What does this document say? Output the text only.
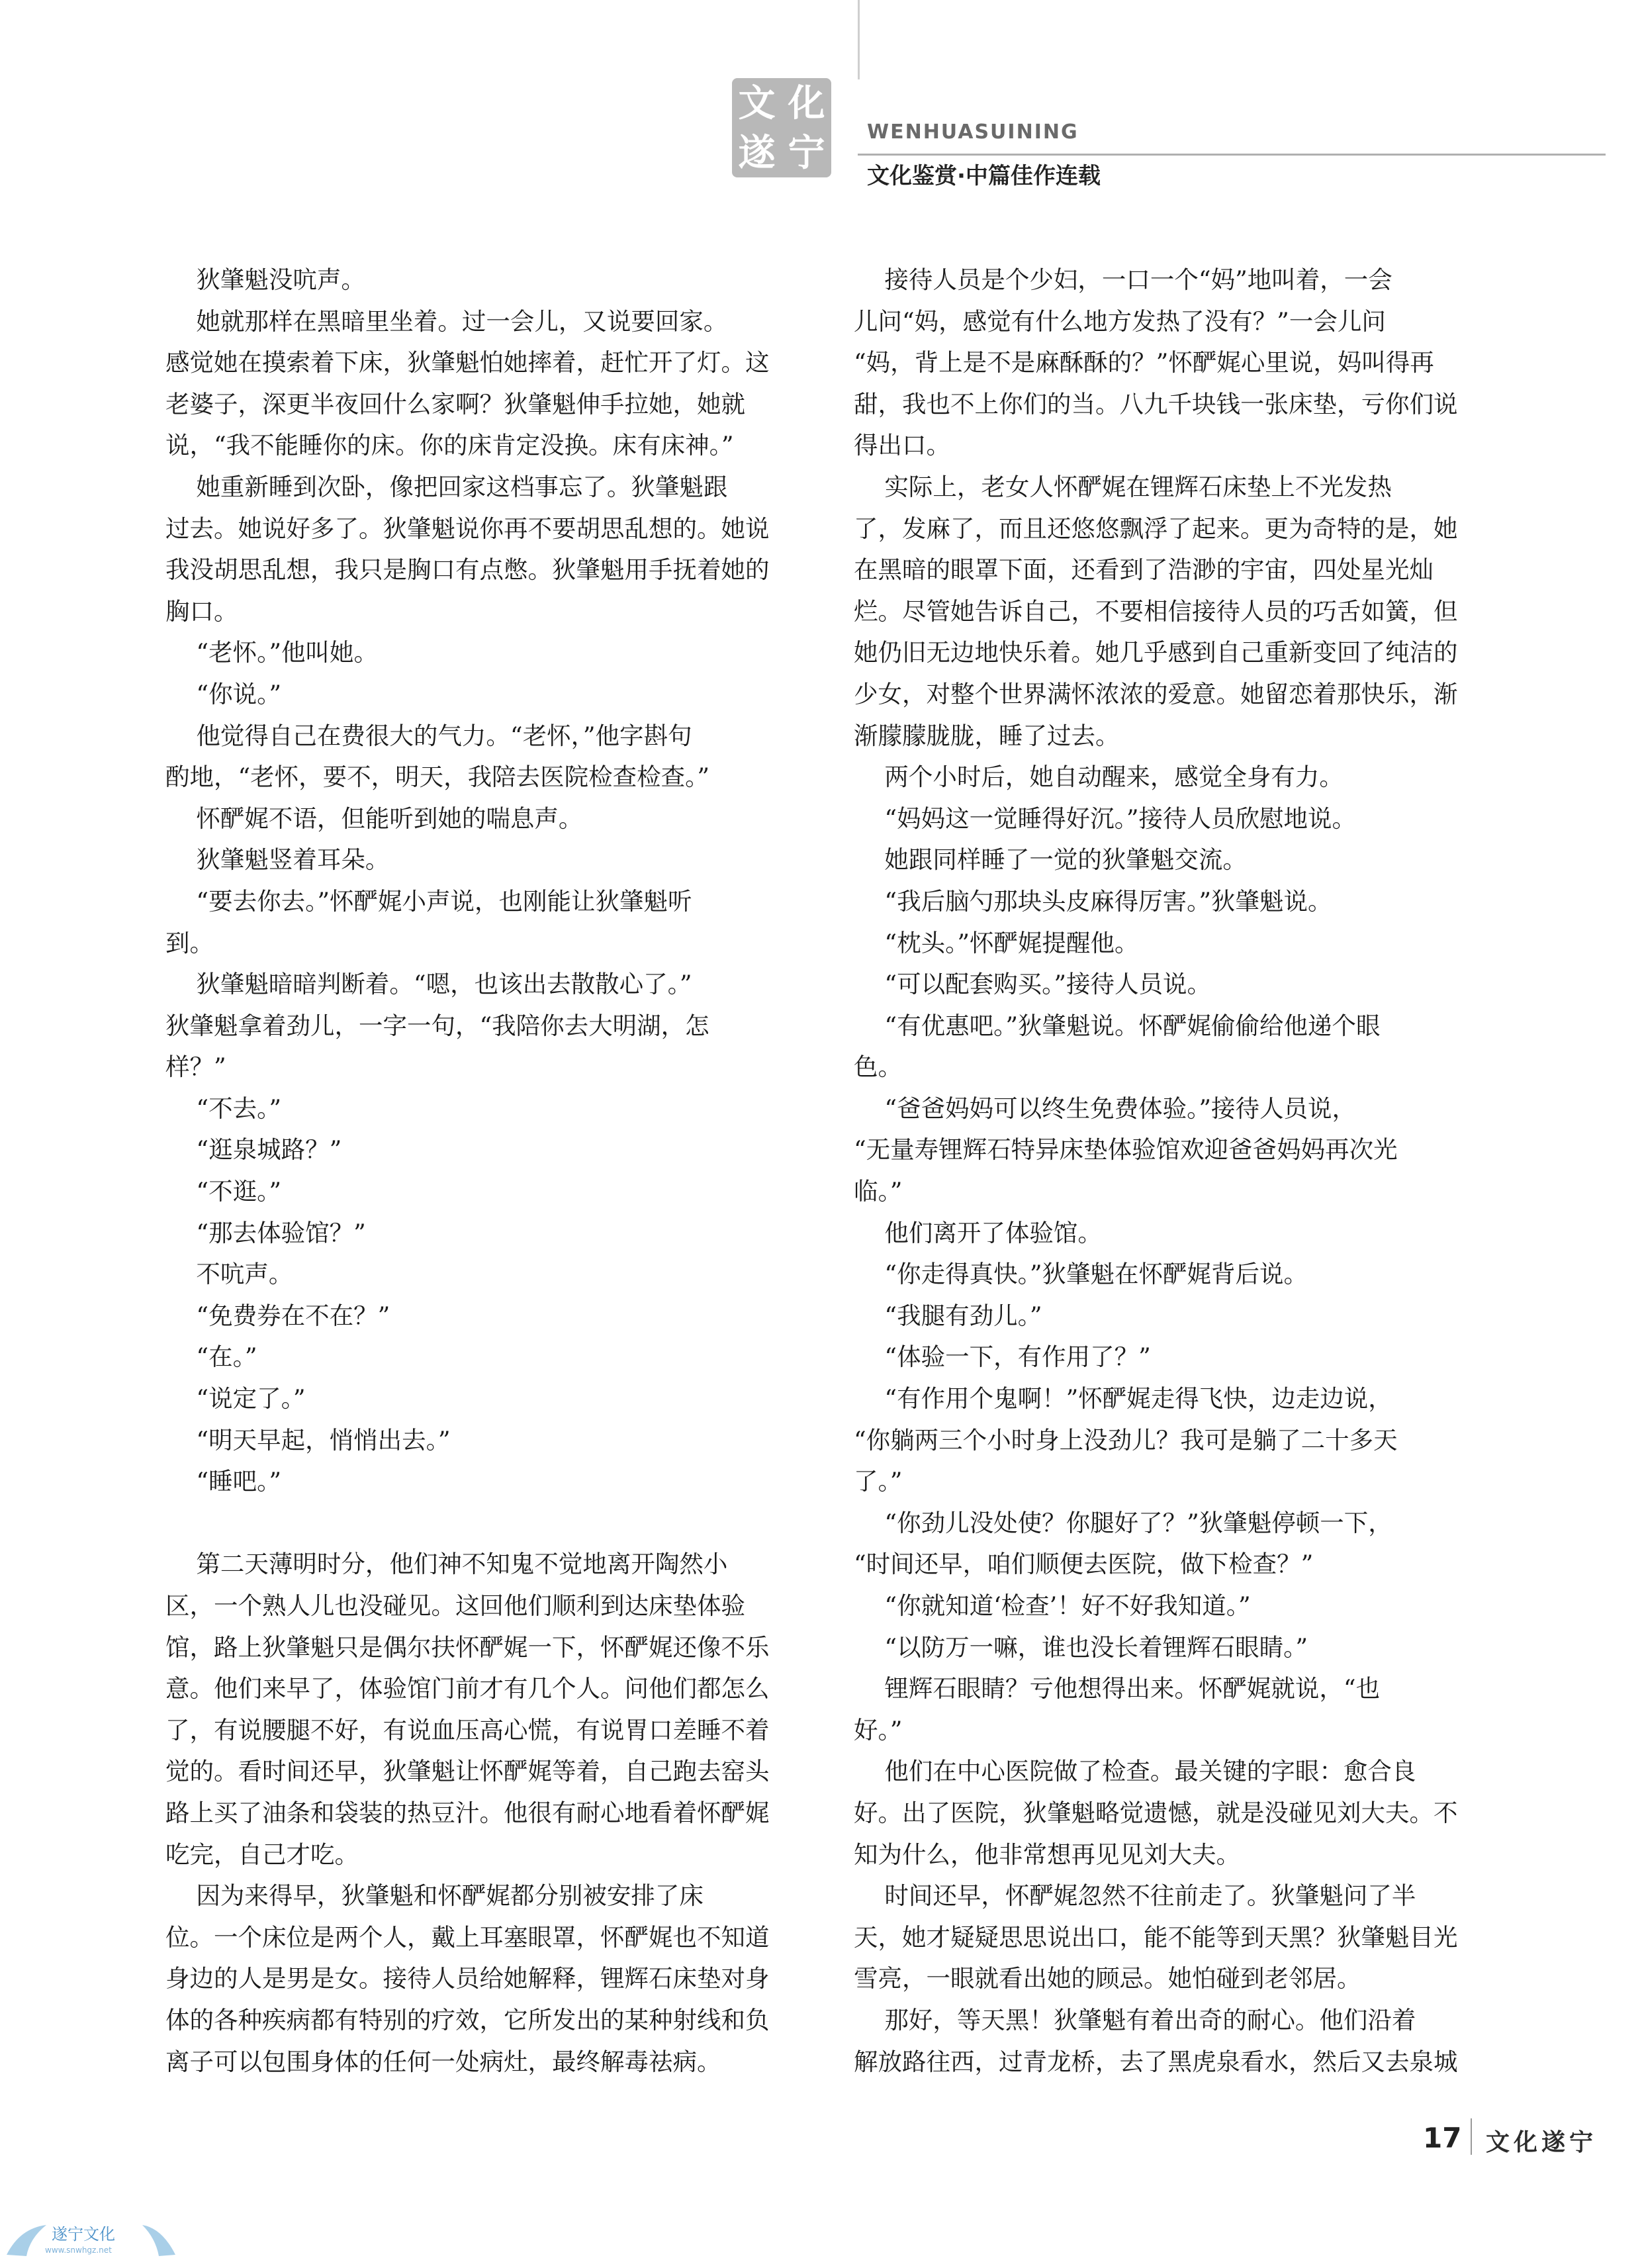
文 化
遂 宁 WENHUASUINING
文化鉴赏·中篇佳作连载
狄肇魁没吭声。
她就那样在黑暗里坐着。过一会儿，又说要回家。
感觉她在摸索着下床，狄肇魁怕她摔着，赶忙开了灯。这
老婆子，深更半夜回什么家啊？狄肇魁伸手拉她，她就
说，“我不能睡你的床。你的床肯定没换。床有床神。”
她重新睡到次卧，像把回家这档事忘了。狄肇魁跟
过去。她说好多了。狄肇魁说你再不要胡思乱想的。她说
我没胡思乱想，我只是胸口有点憋。狄肇魁用手抚着她的
胸口。
“老怀。”他叫她。
“你说。”
他觉得自己在费很大的气力。“老怀，”他字斟句
酌地，“老怀，要不，明天，我陪去医院检查检查。”
怀酽娓不语，但能听到她的喘息声。
狄肇魁竖着耳朵。
“要去你去。”怀酽娓小声说，也刚能让狄肇魁听
到。
狄肇魁暗暗判断着。“嗯，也该出去散散心了。”
狄肇魁拿着劲儿，一字一句，“我陪你去大明湖，怎
样？”
“不去。”
“逛泉城路？”
“不逛。”
“那去体验馆？”
不吭声。
“免费券在不在？”
“在。”
“说定了。”
“明天早起，悄悄出去。”
“睡吧。”
第二天薄明时分，他们神不知鬼不觉地离开陶然小
区，一个熟人儿也没碰见。这回他们顺利到达床垫体验
馆，路上狄肇魁只是偶尔扶怀酽娓一下，怀酽娓还像不乐
意。他们来早了，体验馆门前才有几个人。问他们都怎么
了，有说腰腿不好，有说血压高心慌，有说胃口差睡不着
觉的。看时间还早，狄肇魁让怀酽娓等着，自己跑去窑头
路上买了油条和袋装的热豆汁。他很有耐心地看着怀酽娓
吃完，自己才吃。
因为来得早，狄肇魁和怀酽娓都分别被安排了床
位。一个床位是两个人，戴上耳塞眼罩，怀酽娓也不知道
身边的人是男是女。接待人员给她解释，锂辉石床垫对身
体的各种疾病都有特别的疗效，它所发出的某种射线和负
离子可以包围身体的任何一处病灶，最终解毒祛病。
接待人员是个少妇，一口一个“妈”地叫着，一会
儿问“妈，感觉有什么地方发热了没有？”一会儿问
“妈，背上是不是麻酥酥的？”怀酽娓心里说，妈叫得再
甜，我也不上你们的当。八九千块钱一张床垫，亏你们说
得出口。
实际上，老女人怀酽娓在锂辉石床垫上不光发热
了，发麻了，而且还悠悠飘浮了起来。更为奇特的是，她
在黑暗的眼罩下面，还看到了浩渺的宇宙，四处星光灿
烂。尽管她告诉自己，不要相信接待人员的巧舌如簧，但
她仍旧无边地快乐着。她几乎感到自己重新变回了纯洁的
少女，对整个世界满怀浓浓的爱意。她留恋着那快乐，渐
渐朦朦胧胧，睡了过去。
两个小时后，她自动醒来，感觉全身有力。
“妈妈这一觉睡得好沉。”接待人员欣慰地说。
她跟同样睡了一觉的狄肇魁交流。
“我后脑勺那块头皮麻得厉害。”狄肇魁说。
“枕头。”怀酽娓提醒他。
“可以配套购买。”接待人员说。
“有优惠吧。”狄肇魁说。怀酽娓偷偷给他递个眼
色。
“爸爸妈妈可以终生免费体验。”接待人员说，
“无量寿锂辉石特异床垫体验馆欢迎爸爸妈妈再次光
临。”
他们离开了体验馆。
“你走得真快。”狄肇魁在怀酽娓背后说。
“我腿有劲儿。”
“体验一下，有作用了？”
“有作用个鬼啊！”怀酽娓走得飞快，边走边说，
“你躺两三个小时身上没劲儿？我可是躺了二十多天
了。”
“你劲儿没处使？你腿好了？”狄肇魁停顿一下，
“时间还早，咱们顺便去医院，做下检查？”
“你就知道‘检查’！好不好我知道。”
“以防万一嘛，谁也没长着锂辉石眼睛。”
锂辉石眼睛？亏他想得出来。怀酽娓就说，“也
好。”
他们在中心医院做了检查。最关键的字眼：愈合良
好。出了医院，狄肇魁略觉遗憾，就是没碰见刘大夫。不
知为什么，他非常想再见见刘大夫。
时间还早，怀酽娓忽然不往前走了。狄肇魁问了半
天，她才疑疑思思说出口，能不能等到天黑？狄肇魁目光
雪亮，一眼就看出她的顾忌。她怕碰到老邻居。
那好，等天黑！狄肇魁有着出奇的耐心。他们沿着
解放路往西，过青龙桥，去了黑虎泉看水，然后又去泉城
17 文化遂宁
遂宁文化
www.snwhgz.net
